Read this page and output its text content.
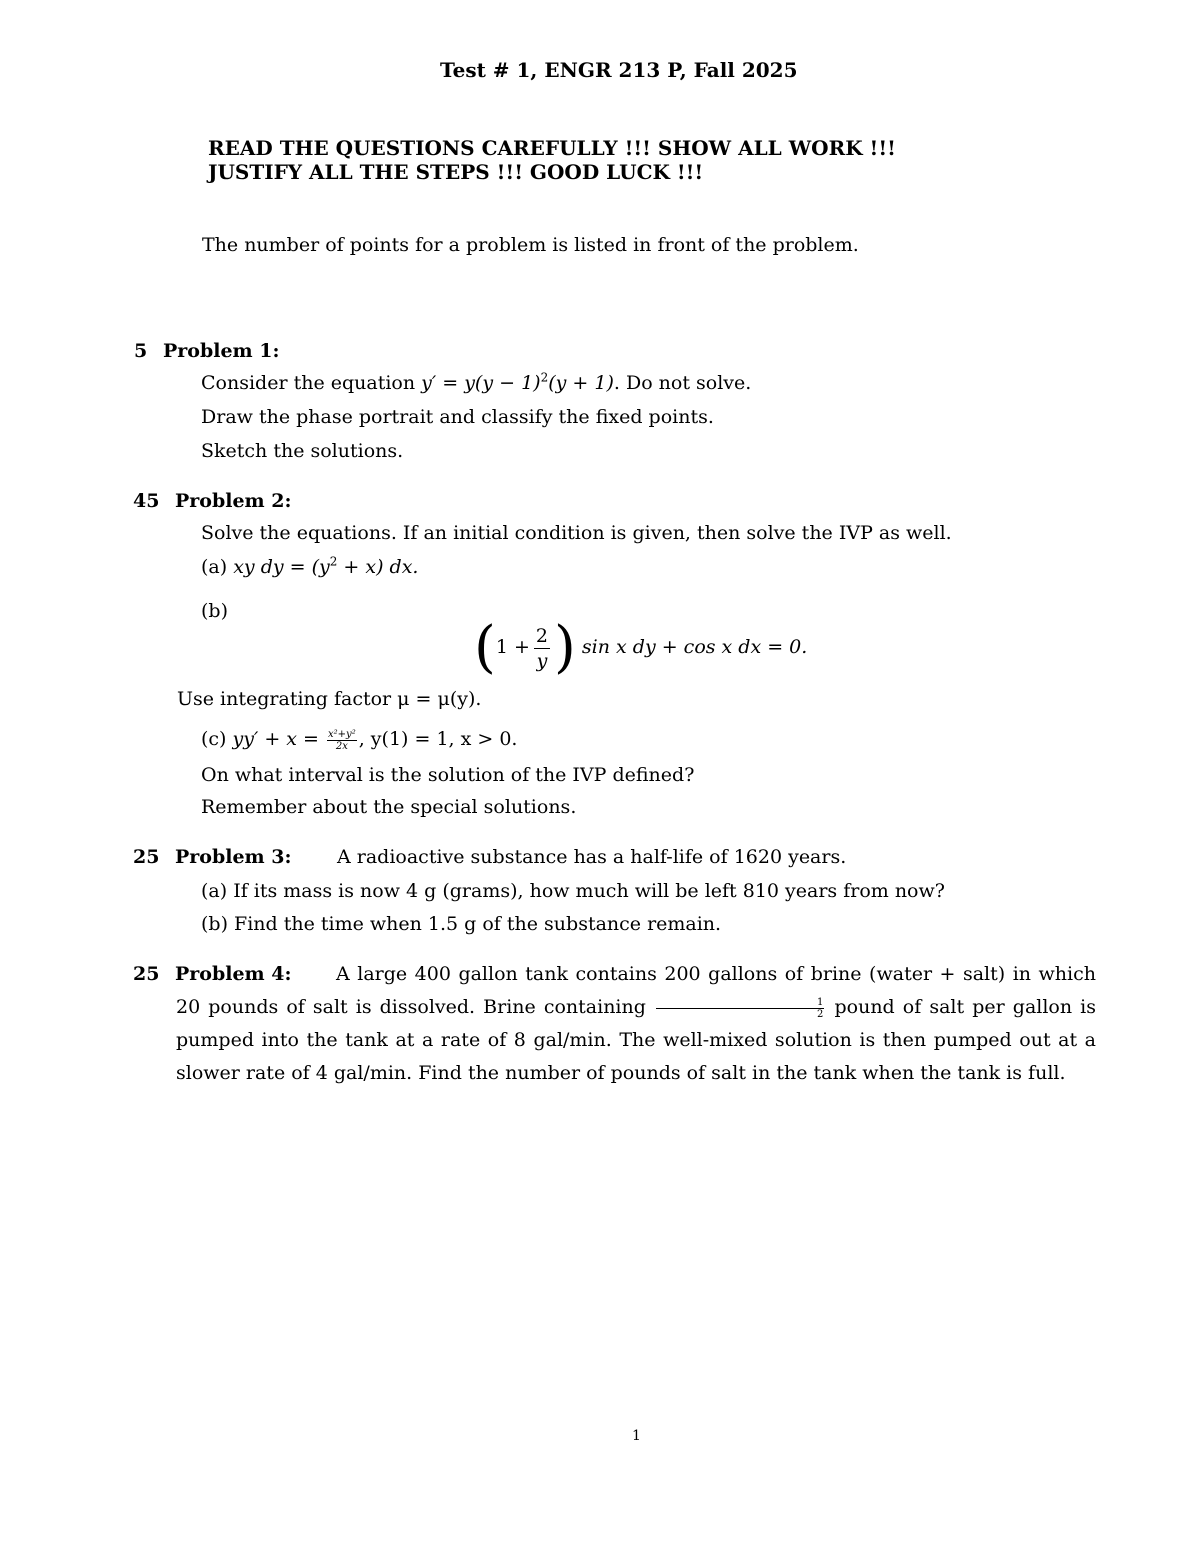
Test # 1, ENGR 213 P, Fall 2025
READ THE QUESTIONS CAREFULLY !!! SHOW ALL WORK !!!
JUSTIFY ALL THE STEPS !!! GOOD LUCK !!!
The number of points for a problem is listed in front of the problem.
5 Problem 1:
Consider the equation $y' = y(y - 1)^2(y + 1)$. Do not solve.
Draw the phase portrait and classify the fixed points.
Sketch the solutions.
45 Problem 2:
Solve the equations. If an initial condition is given, then solve the IVP as well.
(a) xy dy = $(y^2 + x)$ dx.
(b)
($1 + \frac{2}{y}$ ) sin x dy + cos x dx = 0.
Use integrating factor μ = μ(y).
(c) $yy' + x = \frac{\text{x²+y²}}{2x}$ , y(1) = 1, x > 0.
On what interval is the solution of the IVP defined?
Remember about the special solutions.
25 Problem 3: A radioactive substance has a half-life of 1620 years.
(a) If its mass is now 4 g (grams), how much will be left 810 years from now?
(b) Find the time when 1.5 g of the substance remain.
25 Problem 4:	A large 400 gallon tank contains 200 gallons of brine (water + salt) in which 20 pounds of salt is dissolved. Brine containing $\frac{1}{2}$ pound of salt per gallon is pumped into the tank at a rate of 8 gal/min. The well-mixed solution is then pumped out at a slower rate of 4 gal/min. Find the number of pounds of salt in the tank when the tank is full.
1
